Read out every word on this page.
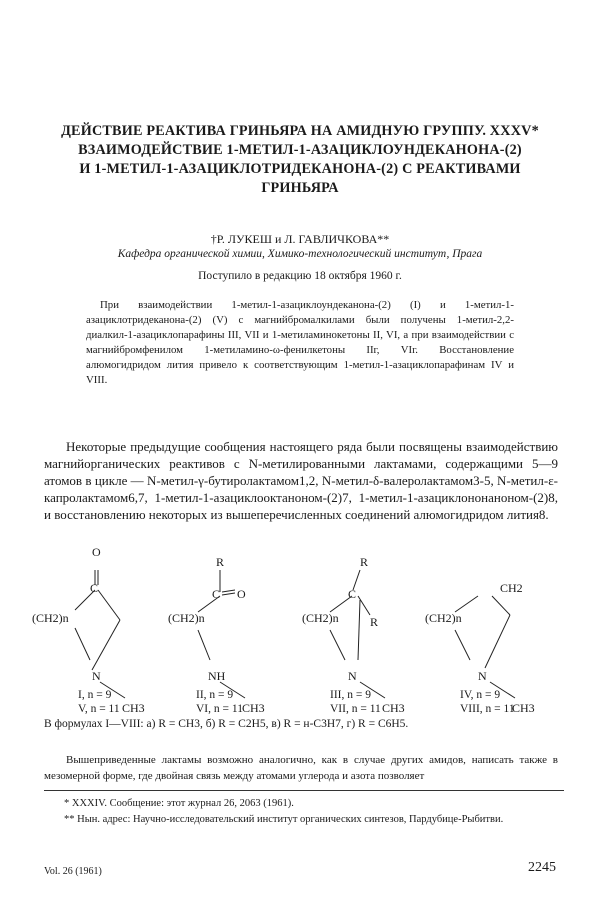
ДЕЙСТВИЕ РЕАКТИВА ГРИНЬЯРА НА АМИДНУЮ ГРУППУ. XXXV*
ВЗАИМОДЕЙСТВИЕ 1-МЕТИЛ-1-АЗАЦИКЛОУНДЕКАНОНА-(2)
И 1-МЕТИЛ-1-АЗАЦИКЛОТРИДЕКАНОНА-(2) С РЕАКТИВАМИ
ГРИНЬЯРА
†Р. ЛУКЕШ и Л. ГАВЛИЧКОВА**
Кафедра органической химии, Химико-технологический институт, Прага
Поступило в редакцию 18 октября 1960 г.

При взаимодействии 1-метил-1-азациклоундеканона-(2) (I) и 1-метил-1-азациклотридеканона-(2) (V) с магнийбромалкилами были получены 1-метил-2,2-диалкил-1-азациклопарафины III, VII и 1-метиламинокетоны II, VI, а при взаимодействии с магнийбромфенилом 1-метиламино-ω-фенилкетоны IIг, VIг. Восстановление алюмогидридом лития привело к соответствующим 1-метил-1-азациклопарафинам IV и VIII.

Некоторые предыдущие сообщения настоящего ряда были посвящены взаимодействию магнийорганических реактивов с N-метилированными лактамами, содержащими 5—9 атомов в цикле — N-метил-γ-бутиролактамом1,2, N-метил-δ-валеролактамом3-5, N-метил-ε-капролактамом6,7, 1-метил-1-азациклооктаноном-(2)7, 1-метил-1-азациклононаноном-(2)8, и восстановлению некоторых из вышеперечисленных соединений алюмогидридом лития8.

O
C
(CH2)n
N
CH3
R
C O
(CH2)n
NH
CH3
R
C
R
(CH2)n
N
CH3
CH2
(CH2)n
N
CH3
I, n = 9
V, n = 11
II, n = 9
VI, n = 11
III, n = 9
VII, n = 11
IV, n = 9
VIII, n = 11
В формулах I—VIII: а) R = CH3, б) R = C2H5, в) R = н-C3H7, г) R = C6H5.

Вышеприведенные лактамы возможно аналогично, как в случае других амидов, написать также в мезомерной форме, где двойная связь между атомами углерода и азота позволяет

* XXXIV. Сообщение: этот журнал 26, 2063 (1961).
** Нын. адрес: Научно-исследовательский институт органических синтезов, Пардубице-Рыбитви.
Vol. 26 (1961)	2245
